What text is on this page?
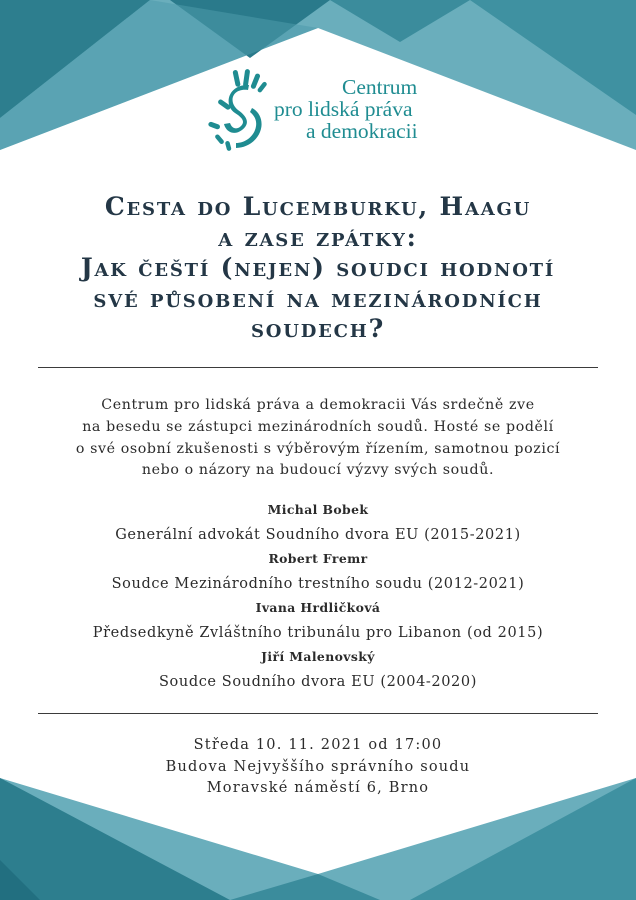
Centrum
pro lidská práva
a demokracii
Cesta do Lucemburku, Haagu
a zase zpátky:
Jak čeští (nejen) soudci hodnotí
své působení na mezinárodních
soudech?
Centrum pro lidská práva a demokracii Vás srdečně zve
na besedu se zástupci mezinárodních soudů. Hosté se podělí
o své osobní zkušenosti s výběrovým řízením, samotnou pozicí
nebo o názory na budoucí výzvy svých soudů.
Michal Bobek
Generální advokát Soudního dvora EU (2015-2021)
Robert Fremr
Soudce Mezinárodního trestního soudu (2012-2021)
Ivana Hrdličková
Předsedkyně Zvláštního tribunálu pro Libanon (od 2015)
Jiří Malenovský
Soudce Soudního dvora EU (2004-2020)
Středa 10. 11. 2021 od 17:00
Budova Nejvyššího správního soudu
Moravské náměstí 6, Brno
